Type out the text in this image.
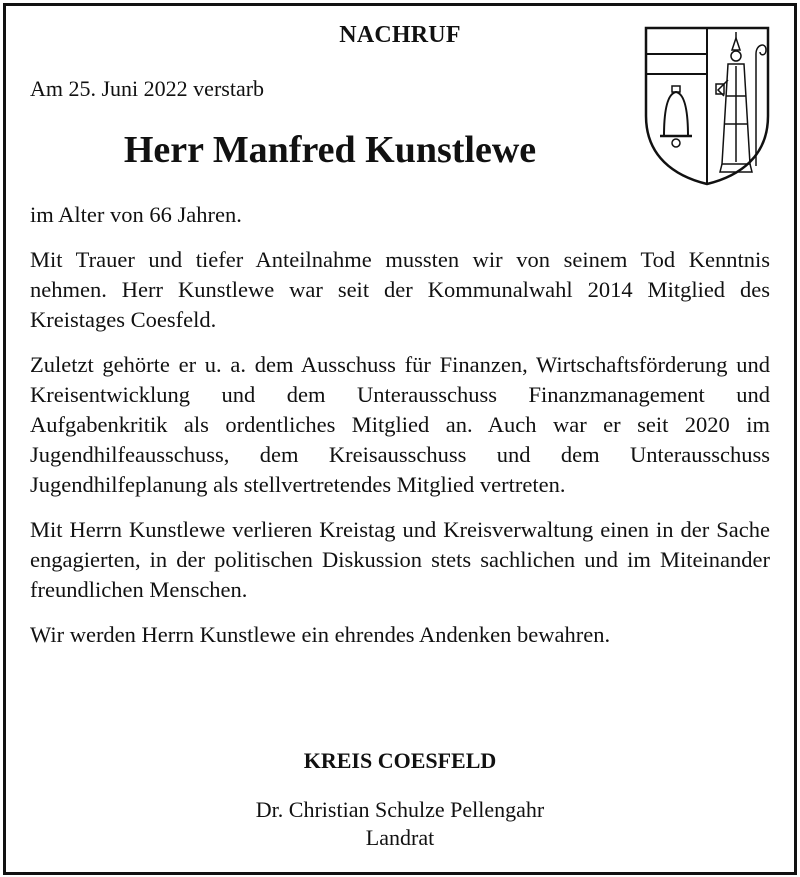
NACHRUF
Am 25. Juni 2022 verstarb
Herr Manfred Kunstlewe

im Alter von 66 Jahren.

Mit Trauer und tiefer Anteilnahme mussten wir von seinem Tod Kenntnis nehmen. Herr Kunstlewe war seit der Kommunalwahl 2014 Mitglied des Kreistages Coesfeld.

Zuletzt gehörte er u. a. dem Ausschuss für Finanzen, Wirtschaftsförderung und Kreisentwicklung und dem Unterausschuss Finanzmanagement und Aufgabenkritik als ordentliches Mitglied an. Auch war er seit 2020 im Jugendhilfeausschuss, dem Kreisausschuss und dem Unterausschuss Jugendhilfeplanung als stellvertretendes Mitglied vertreten.

Mit Herrn Kunstlewe verlieren Kreistag und Kreisverwaltung einen in der Sache engagierten, in der politischen Diskussion stets sachlichen und im Miteinander freundlichen Menschen.

Wir werden Herrn Kunstlewe ein ehrendes Andenken bewahren.

KREIS COESFELD
Dr. Christian Schulze Pellengahr
Landrat
